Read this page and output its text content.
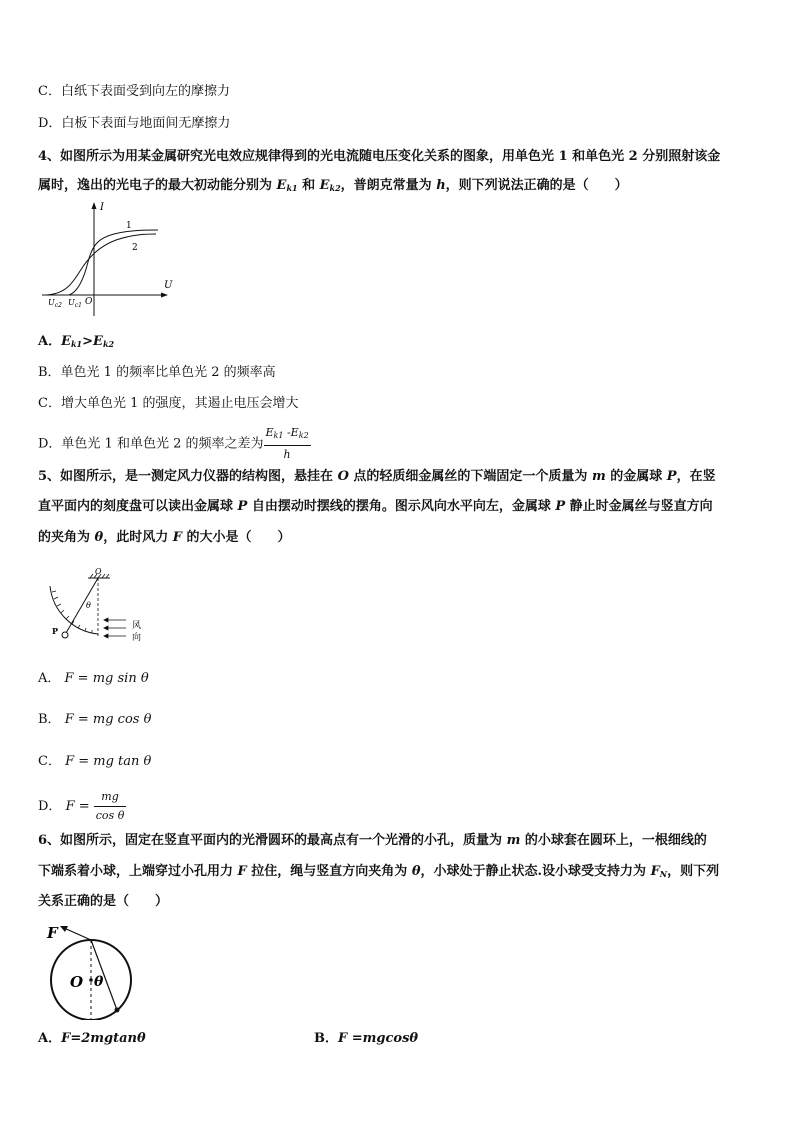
C．白纸下表面受到向左的摩擦力
D．白板下表面与地面间无摩擦力
4、如图所示为用某金属研究光电效应规律得到的光电流随电压变化关系的图象，用单色光 1 和单色光 2 分别照射该金
属时，逸出的光电子的最大初动能分别为 $E_{k1}$ 和 $E_{k2}$，普朗克常量为 h，则下列说法正确的是（　　）
I
U
1
2
$U_{c2}$ $U_{c1}$ O
A．$E_{k1}>E_{k2}$
B．单色光 1 的频率比单色光 2 的频率高
C．增大单色光 1 的强度，其遏止电压会增大
D．单色光 1 和单色光 2 的频率之差为 $\frac{E_{k1} -E_{k2}}{h}$
5、如图所示，是一测定风力仪器的结构图，悬挂在 O 点的轻质细金属丝的下端固定一个质量为 m 的金属球 P，在竖
直平面内的刻度盘可以读出金属球 P 自由摆动时摆线的摆角。图示风向水平向左，金属球 P 静止时金属丝与竖直方向
的夹角为 θ，此时风力 F 的大小是（　　）
O
P
θ
风
向
A． F = mg sin θ
B． F = mg cos θ
C． F = mg tan θ
D． $F = \frac{mg}{\text{cos θ}}$
6、如图所示，固定在竖直平面内的光滑圆环的最高点有一个光滑的小孔，质量为 m 的小球套在圆环上，一根细线的
下端系着小球，上端穿过小孔用力 F 拉住，绳与竖直方向夹角为 θ，小球处于静止状态.设小球受支持力为 $F_N$，则下列
关系正确的是（　　）
F
O θ
A．F=2mgtanθ	B．F =mgcosθ
